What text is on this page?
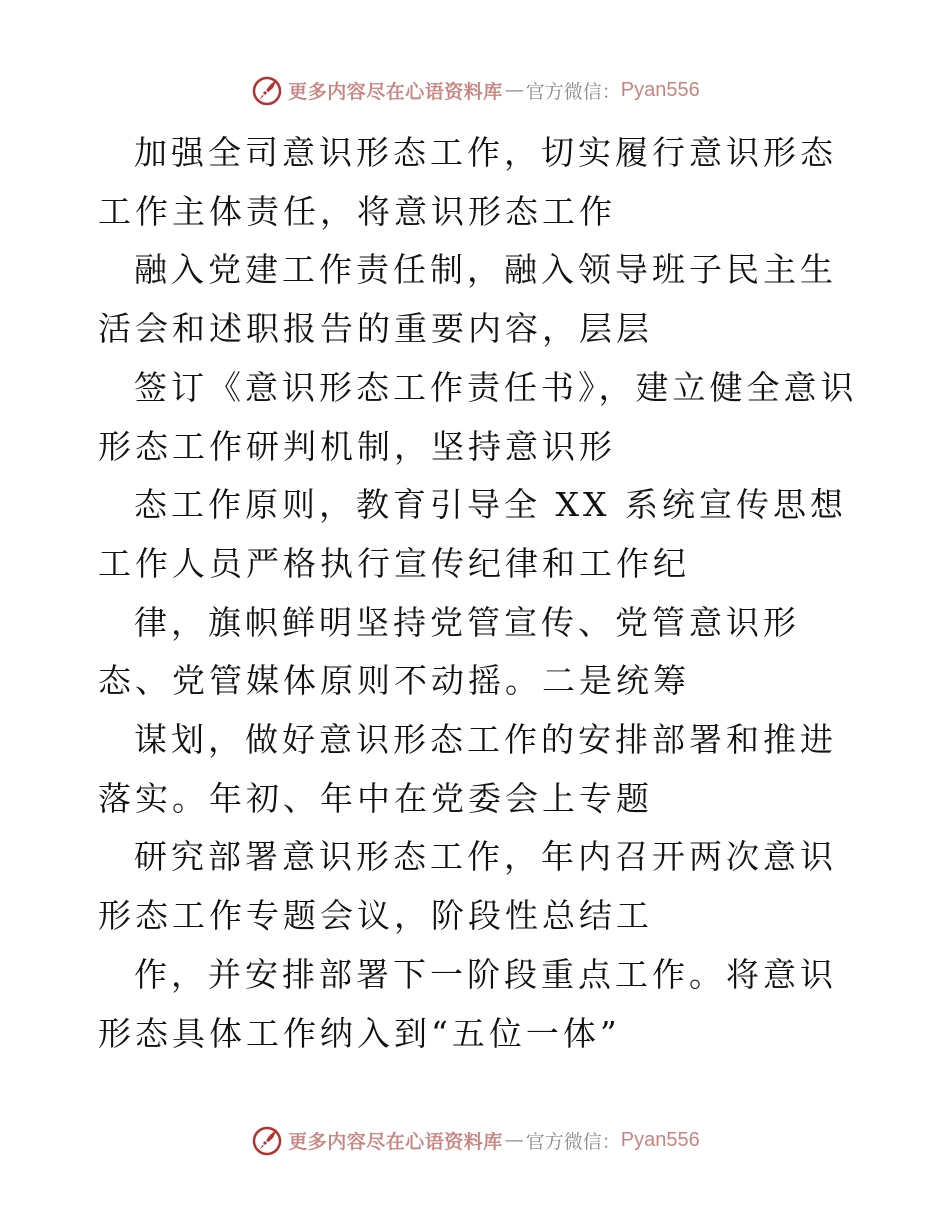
更多内容尽在心语资料库 — 官方微信： Pyan556

加强全司意识形态工作，切实履行意识形态工作主体责任，将意识形态工作

融入党建工作责任制，融入领导班子民主生活会和述职报告的重要内容，层层

签订《意识形态工作责任书》，建立健全意识形态工作研判机制，坚持意识形

态工作原则，教育引导全 XX 系统宣传思想工作人员严格执行宣传纪律和工作纪

律，旗帜鲜明坚持党管宣传、党管意识形态、党管媒体原则不动摇。二是统筹

谋划，做好意识形态工作的安排部署和推进落实。年初、年中在党委会上专题

研究部署意识形态工作，年内召开两次意识形态工作专题会议，阶段性总结工

作，并安排部署下一阶段重点工作。将意识形态具体工作纳入到“五位一体”

更多内容尽在心语资料库 — 官方微信： Pyan556
